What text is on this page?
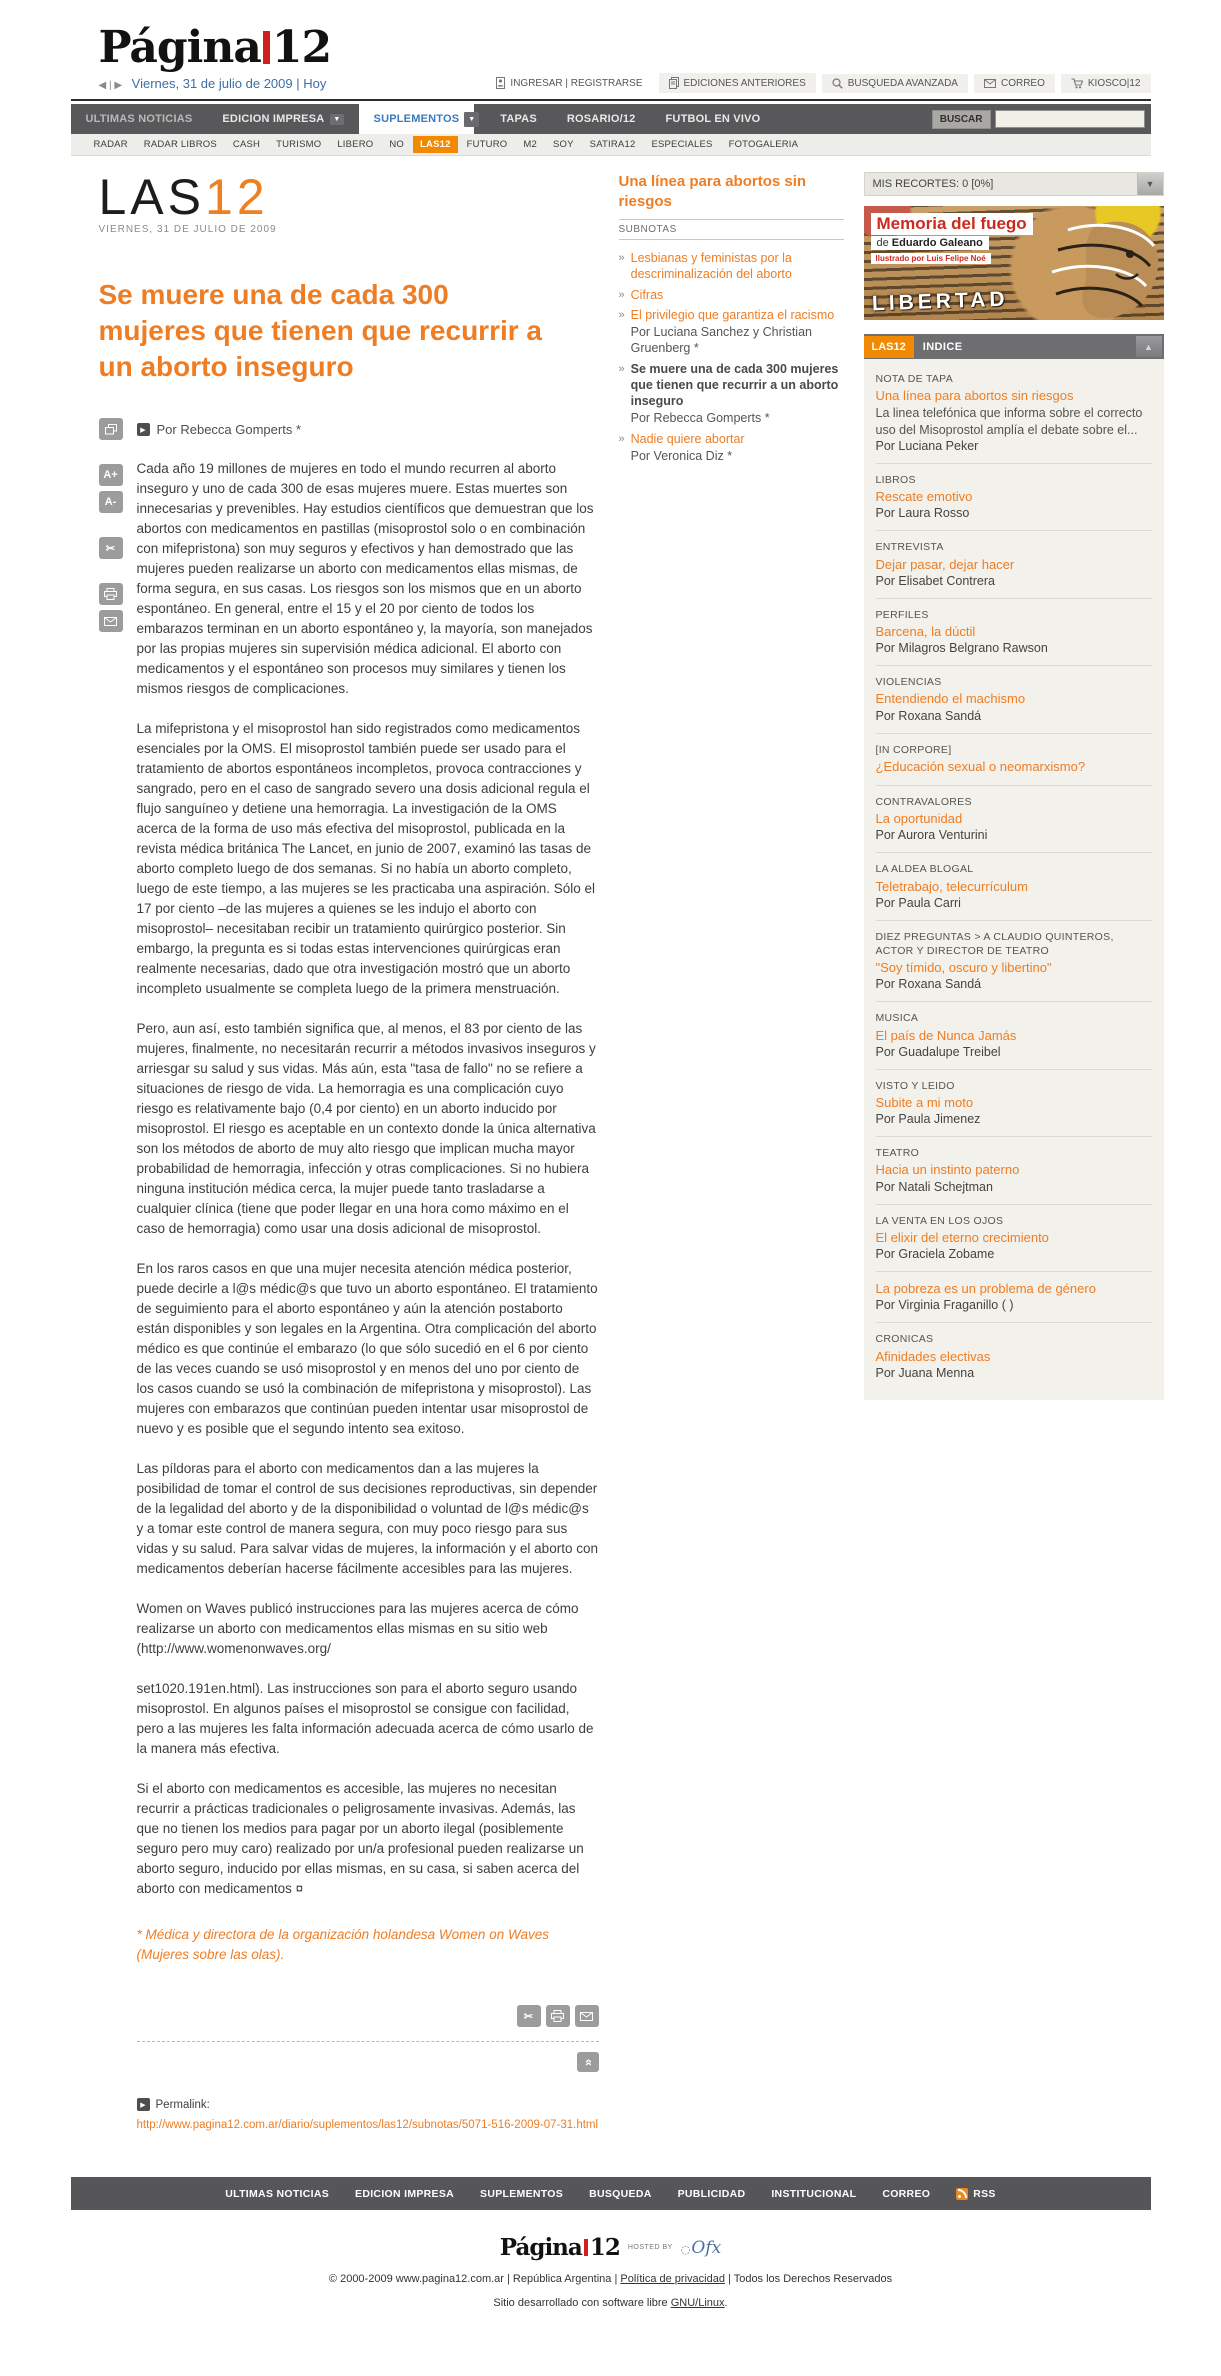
Página 12
◀ | ▶ Viernes, 31 de julio de 2009 | Hoy	INGRESAR | REGISTRARSE	EDICIONES ANTERIORES	BUSQUEDA AVANZADA	CORREO	KIOSCO|12
ULTIMAS NOTICIAS	EDICION IMPRESA	▼	SUPLEMENTOS	▼	TAPAS	ROSARIO/12	FUTBOL EN VIVO	BUSCAR
RADAR	RADAR LIBROS	CASH	TURISMO	LIBERO	NO	LAS12	FUTURO	M2	SOY	SATIRA12	ESPECIALES	FOTOGALERIA
LAS12
VIERNES, 31 DE JULIO DE 2009
Se muere una de cada 300 mujeres que tienen que recurrir a un aborto inseguro
A+
A-
✂
▶ Por Rebecca Gomperts *

Cada año 19 millones de mujeres en todo el mundo recurren al aborto inseguro y uno de cada 300 de esas mujeres muere. Estas muertes son innecesarias y prevenibles. Hay estudios científicos que demuestran que los abortos con medicamentos en pastillas (misoprostol solo o en combinación con mifepristona) son muy seguros y efectivos y han demostrado que las mujeres pueden realizarse un aborto con medicamentos ellas mismas, de forma segura, en sus casas. Los riesgos son los mismos que en un aborto espontáneo. En general, entre el 15 y el 20 por ciento de todos los embarazos terminan en un aborto espontáneo y, la mayoría, son manejados por las propias mujeres sin supervisión médica adicional. El aborto con medicamentos y el espontáneo son procesos muy similares y tienen los mismos riesgos de complicaciones.

La mifepristona y el misoprostol han sido registrados como medicamentos esenciales por la OMS. El misoprostol también puede ser usado para el tratamiento de abortos espontáneos incompletos, provoca contracciones y sangrado, pero en el caso de sangrado severo una dosis adicional regula el flujo sanguíneo y detiene una hemorragia. La investigación de la OMS acerca de la forma de uso más efectiva del misoprostol, publicada en la revista médica británica The Lancet, en junio de 2007, examinó las tasas de aborto completo luego de dos semanas. Si no había un aborto completo, luego de este tiempo, a las mujeres se les practicaba una aspiración. Sólo el 17 por ciento –de las mujeres a quienes se les indujo el aborto con misoprostol– necesitaban recibir un tratamiento quirúrgico posterior. Sin embargo, la pregunta es si todas estas intervenciones quirúrgicas eran realmente necesarias, dado que otra investigación mostró que un aborto incompleto usualmente se completa luego de la primera menstruación.

Pero, aun así, esto también significa que, al menos, el 83 por ciento de las mujeres, finalmente, no necesitarán recurrir a métodos invasivos inseguros y arriesgar su salud y sus vidas. Más aún, esta "tasa de fallo" no se refiere a situaciones de riesgo de vida. La hemorragia es una complicación cuyo riesgo es relativamente bajo (0,4 por ciento) en un aborto inducido por misoprostol. El riesgo es aceptable en un contexto donde la única alternativa son los métodos de aborto de muy alto riesgo que implican mucha mayor probabilidad de hemorragia, infección y otras complicaciones. Si no hubiera ninguna institución médica cerca, la mujer puede tanto trasladarse a cualquier clínica (tiene que poder llegar en una hora como máximo en el caso de hemorragia) como usar una dosis adicional de misoprostol.

En los raros casos en que una mujer necesita atención médica posterior, puede decirle a l@s médic@s que tuvo un aborto espontáneo. El tratamiento de seguimiento para el aborto espontáneo y aún la atención postaborto están disponibles y son legales en la Argentina. Otra complicación del aborto médico es que continúe el embarazo (lo que sólo sucedió en el 6 por ciento de las veces cuando se usó misoprostol y en menos del uno por ciento de los casos cuando se usó la combinación de mifepristona y misoprostol). Las mujeres con embarazos que continúan pueden intentar usar misoprostol de nuevo y es posible que el segundo intento sea exitoso.

Las píldoras para el aborto con medicamentos dan a las mujeres la posibilidad de tomar el control de sus decisiones reproductivas, sin depender de la legalidad del aborto y de la disponibilidad o voluntad de l@s médic@s y a tomar este control de manera segura, con muy poco riesgo para sus vidas y su salud. Para salvar vidas de mujeres, la información y el aborto con medicamentos deberían hacerse fácilmente accesibles para las mujeres.

Women on Waves publicó instrucciones para las mujeres acerca de cómo realizarse un aborto con medicamentos ellas mismas en su sitio web (http://www.womenonwaves.org/

set1020.191en.html). Las instrucciones son para el aborto seguro usando misoprostol. En algunos países el misoprostol se consigue con facilidad, pero a las mujeres les falta información adecuada acerca de cómo usarlo de la manera más efectiva.

Si el aborto con medicamentos es accesible, las mujeres no necesitan recurrir a prácticas tradicionales o peligrosamente invasivas. Además, las que no tienen los medios para pagar por un aborto ilegal (posiblemente seguro pero muy caro) realizado por un/a profesional pueden realizarse un aborto seguro, inducido por ellas mismas, en su casa, si saben acerca del aborto con medicamentos ¤

* Médica y directora de la organización holandesa Women on Waves (Mujeres sobre las olas).

✂
»
▶ Permalink:
http://www.pagina12.com.ar/diario/suplementos/las12/subnotas/5071-516-2009-07-31.html
Una línea para abortos sin riesgos
SUBNOTAS
» Lesbianas y feministas por la descriminalización del aborto
» Cifras
» El privilegio que garantiza el racismo
Por Luciana Sanchez y Christian Gruenberg *
» Se muere una de cada 300 mujeres que tienen que recurrir a un aborto inseguro
Por Rebecca Gomperts *
» Nadie quiere abortar
Por Veronica Diz *
MIS RECORTES: 0 [0%]	▼
Memoria del fuego
de Eduardo Galeano
Ilustrado por Luis Felipe Noé
LIBERTAD
LAS12	INDICE	▲
NOTA DE TAPA
Una línea para abortos sin riesgos
La linea telefónica que informa sobre el correcto uso del Misoprostol amplía el debate sobre el...
Por Luciana Peker
LIBROS
Rescate emotivo
Por Laura Rosso
ENTREVISTA
Dejar pasar, dejar hacer
Por Elisabet Contrera
PERFILES
Barcena, la dúctil
Por Milagros Belgrano Rawson
VIOLENCIAS
Entendiendo el machismo
Por Roxana Sandá
[IN CORPORE]
¿Educación sexual o neomarxismo?
CONTRAVALORES
La oportunidad
Por Aurora Venturini
LA ALDEA BLOGAL
Teletrabajo, telecurrículum
Por Paula Carri
DIEZ PREGUNTAS > A CLAUDIO QUINTEROS, ACTOR Y DIRECTOR DE TEATRO
"Soy tímido, oscuro y libertino"
Por Roxana Sandá
MUSICA
El país de Nunca Jamás
Por Guadalupe Treibel
VISTO Y LEIDO
Subite a mi moto
Por Paula Jimenez
TEATRO
Hacia un instinto paterno
Por Natali Schejtman
LA VENTA EN LOS OJOS
El elixir del eterno crecimiento
Por Graciela Zobame
La pobreza es un problema de género
Por Virginia Fraganillo ( )
CRONICAS
Afinidades electivas
Por Juana Menna
ULTIMAS NOTICIAS EDICION IMPRESA SUPLEMENTOS BUSQUEDA PUBLICIDAD INSTITUCIONAL CORREO	RSS
Página 12 HOSTED BY	◌ Ofx
© 2000-2009 www.pagina12.com.ar | República Argentina | Política de privacidad | Todos los Derechos Reservados
Sitio desarrollado con software libre GNU/Linux.
